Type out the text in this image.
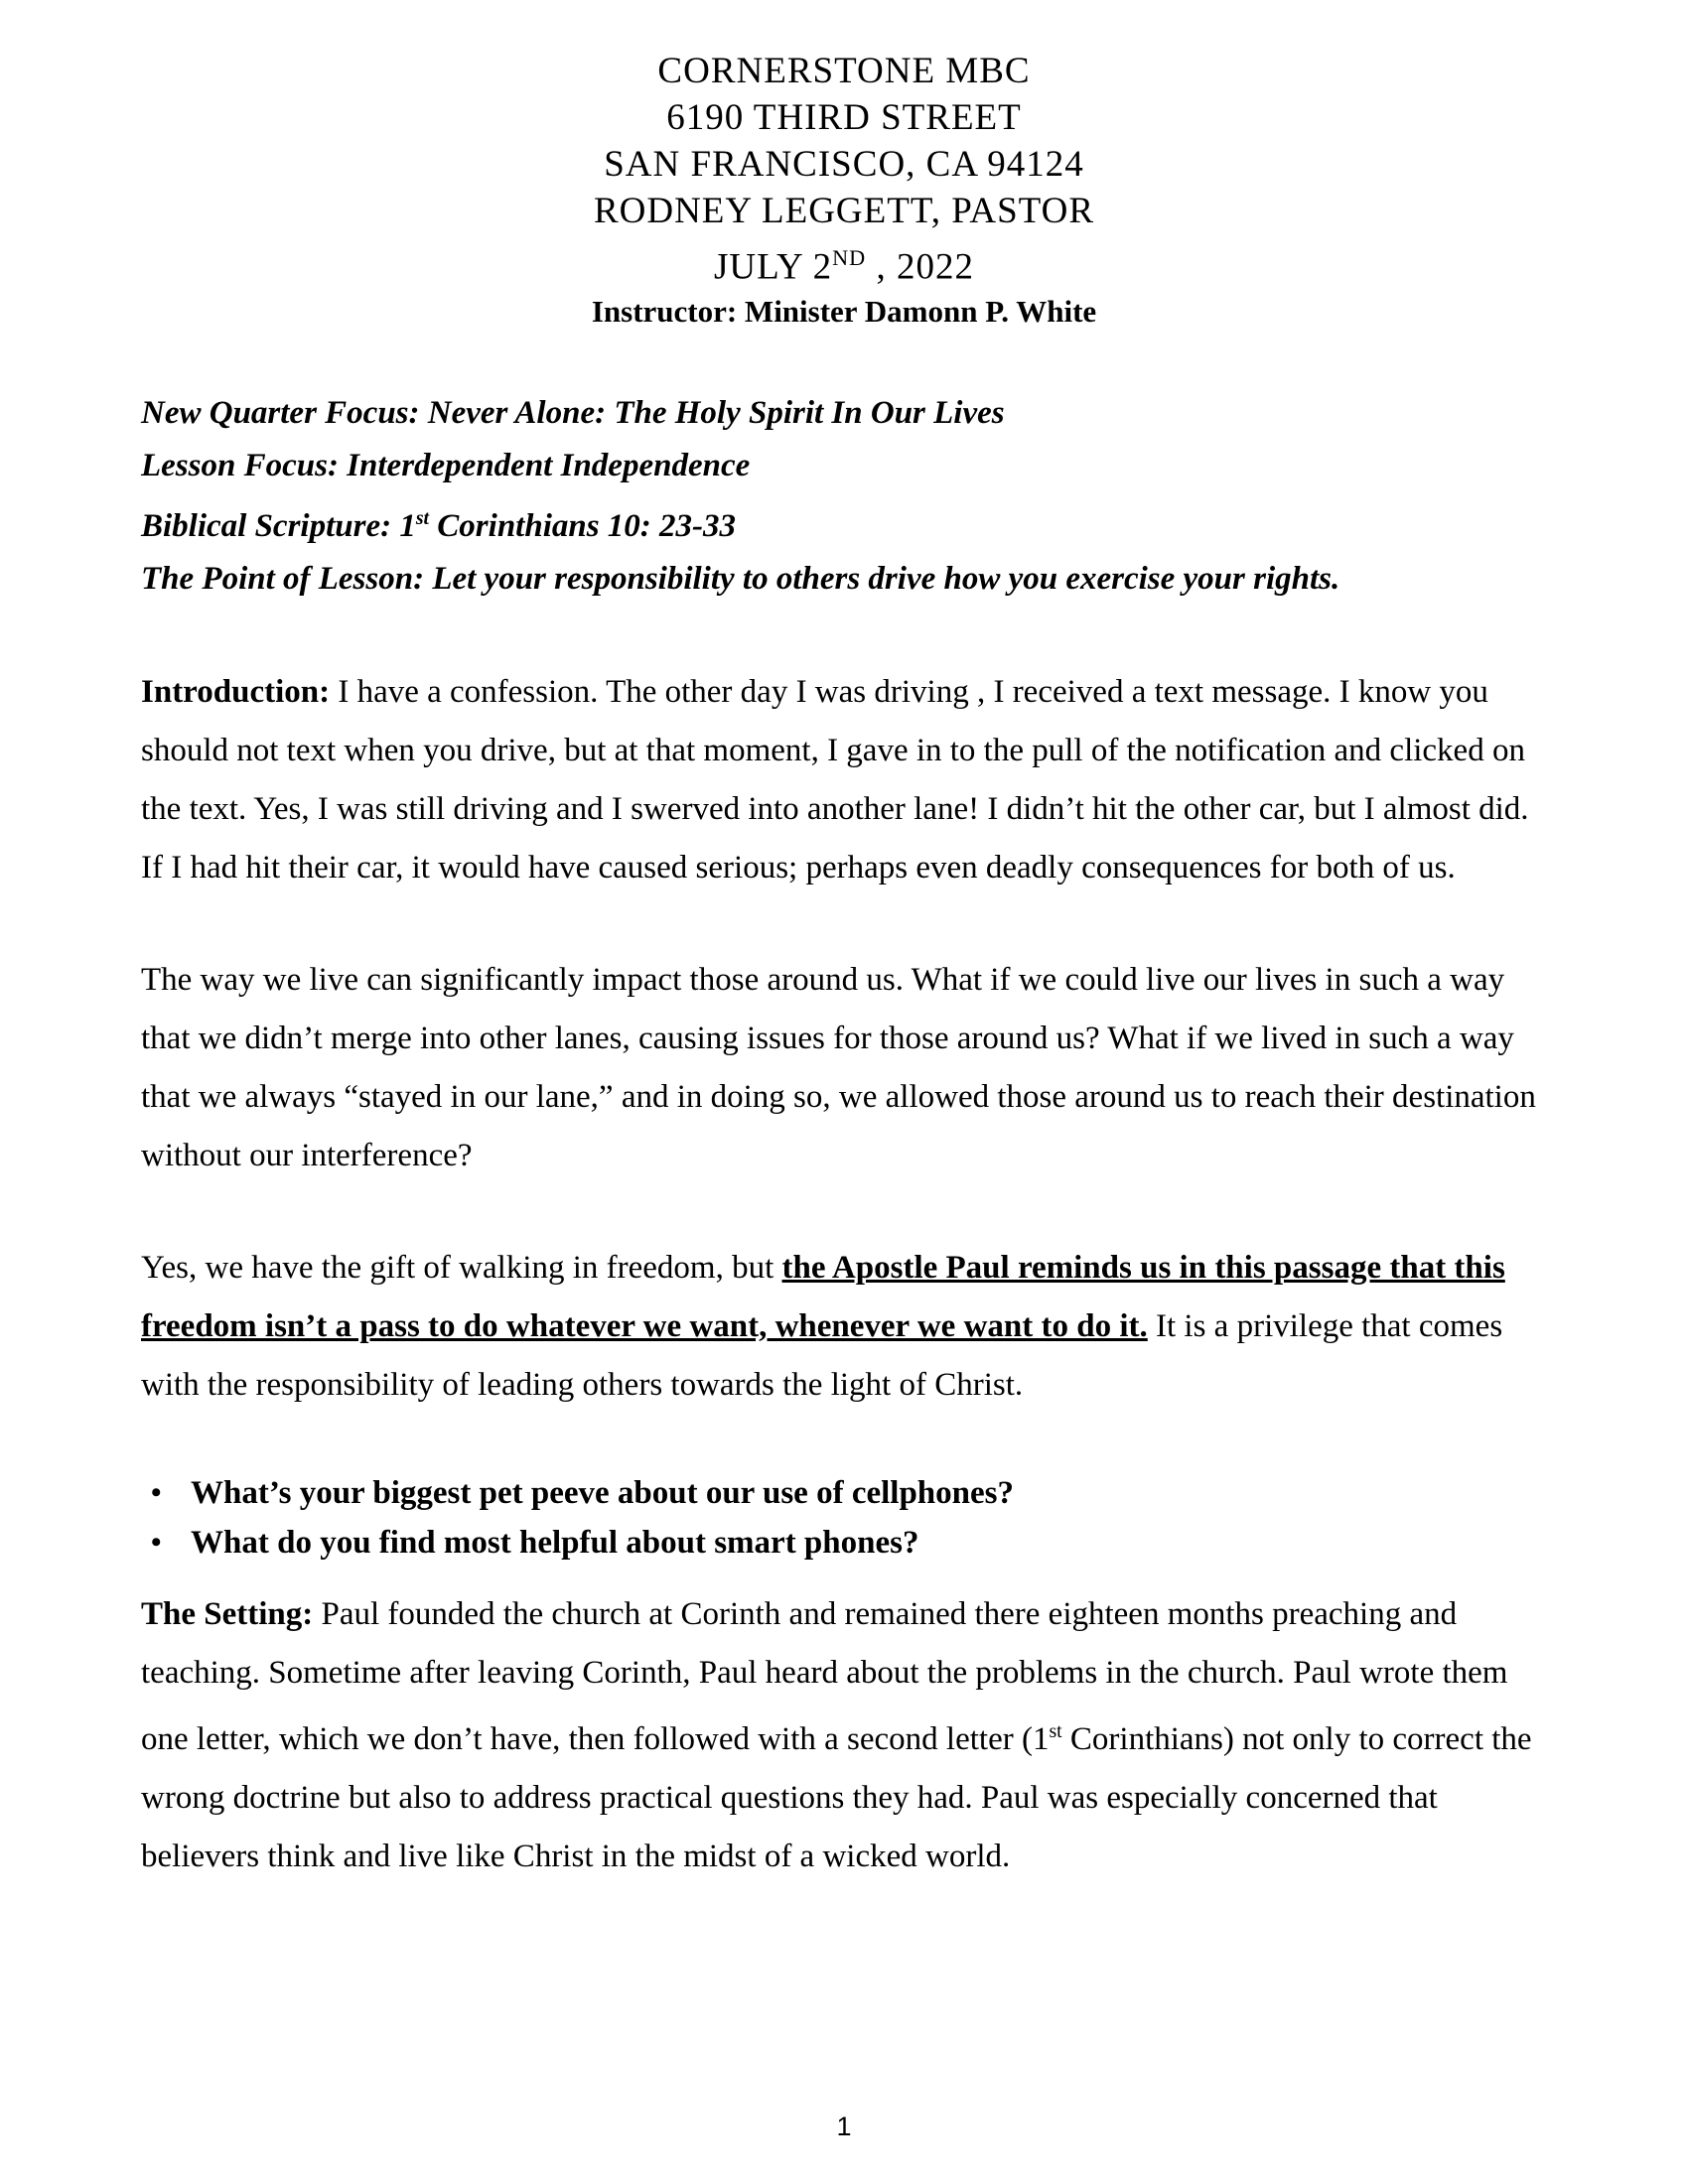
CORNERSTONE MBC
6190 THIRD STREET
SAN FRANCISCO, CA 94124
RODNEY LEGGETT, PASTOR
JULY 2ND , 2022
Instructor: Minister Damonn P. White

New Quarter Focus: Never Alone: The Holy Spirit In Our Lives

Lesson Focus: Interdependent Independence

Biblical Scripture: 1st Corinthians 10: 23-33

The Point of Lesson: Let your responsibility to others drive how you exercise your rights.

Introduction: I have a confession. The other day I was driving , I received a text message. I know you should not text when you drive, but at that moment, I gave in to the pull of the notification and clicked on the text. Yes, I was still driving and I swerved into another lane! I didn’t hit the other car, but I almost did. If I had hit their car, it would have caused serious; perhaps even deadly consequences for both of us.

The way we live can significantly impact those around us. What if we could live our lives in such a way that we didn’t merge into other lanes, causing issues for those around us? What if we lived in such a way that we always “stayed in our lane,” and in doing so, we allowed those around us to reach their destination without our interference?

Yes, we have the gift of walking in freedom, but the Apostle Paul reminds us in this passage that this freedom isn’t a pass to do whatever we want, whenever we want to do it. It is a privilege that comes with the responsibility of leading others towards the light of Christ.

• What’s your biggest pet peeve about our use of cellphones?
• What do you find most helpful about smart phones?

The Setting: Paul founded the church at Corinth and remained there eighteen months preaching and teaching. Sometime after leaving Corinth, Paul heard about the problems in the church. Paul wrote them one letter, which we don’t have, then followed with a second letter (1st Corinthians) not only to correct the wrong doctrine but also to address practical questions they had. Paul was especially concerned that believers think and live like Christ in the midst of a wicked world.

1
